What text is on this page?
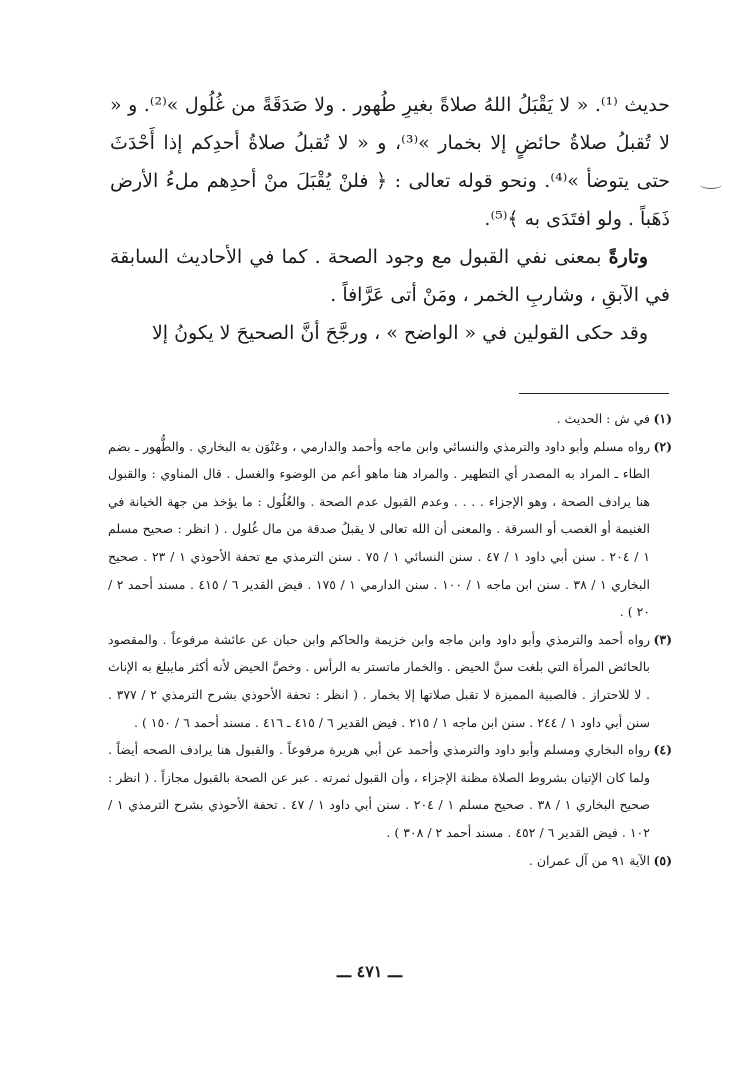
حديث ⁽¹⁾. « لا يَقْبَلُ اللهُ صلاةً بغيرِ طُهور . ولا صَدَقَةً من غُلُول »⁽²⁾. و « لا تُقبلُ صلاةُ حائضٍ إلا بخمار »⁽³⁾، و « لا تُقبلُ صلاةُ أحدِكم إذا أَحْدَثَ حتى يتوضأ »⁽⁴⁾. ونحو قوله تعالى : ﴿ فلنْ يُقْبَلَ منْ أحدِهم ملءُ الأرض ذَهَباً . ولو افتَدَى به ﴾⁽⁵⁾.

وتارةً بمعنى نفي القبول مع وجود الصحة . كما في الأحاديث السابقة في الآبقِ ، وشاربِ الخمر ، ومَنْ أتى عَرَّافاً .

وقد حكى القولين في « الواضح » ، ورجَّحَ أنَّ الصحيحَ لا يكونُ إلا

(١)
في ش : الحديث .
(٢)
رواه مسلم وأبو داود والترمذي والنسائي وابن ماجه وأحمد والدارمي ، وعَنْوَن به البخاري . والطُّهور ـ بضم الطاء ـ المراد به المصدر أي التطهير . والمراد هنا ماهو أعم من الوضوء والغسل . قال المناوي : والقبول هنا يرادف الصحة ، وهو الإجزاء . . . . وعدم القبول عدم الصحة . والغُلُول : ما يؤخذ من جهة الخيانة في الغنيمة أو الغصب أو السرقة . والمعنى أن الله تعالى لا يقبلُ صدقة من مال غُلول . ( انظر : صحيح مسلم ١ / ٢٠٤ . سنن أبي داود ١ / ٤٧ . سنن النسائي ١ / ٧٥ . سنن الترمذي مع تحفة الأحوذي ١ / ٢٣ . صحيح البخاري ١ / ٣٨ . سنن ابن ماجه ١ / ١٠٠ . سنن الدارمي ١ / ١٧٥ . فيض القدير ٦ / ٤١٥ . مسند أحمد ٢ / ٢٠ ) .
(٣)
رواه أحمد والترمذي وأبو داود وابن ماجه وابن خزيمة والحاكم وابن حبان عن عائشة مرفوعاً . والمقصود بالحائض المرأة التي بلغت سنَّ الحيض . والخمار ماتستر به الرأس . وخصَّ الحيض لأنه أكثر مايبلغ به الإناث . لا للاحتراز . فالصبية المميزة لا تقبل صلاتها إلا بخمار . ( انظر : تحفة الأحوذي بشرح الترمذي ٢ / ٣٧٧ . سنن أبي داود ١ / ٢٤٤ . سنن ابن ماجه ١ / ٢١٥ . فيض القدير ٦ / ٤١٥ ـ ٤١٦ . مسند أحمد ٦ / ١٥٠ ) .
(٤)
رواه البخاري ومسلم وأبو داود والترمذي وأحمد عن أبي هريرة مرفوعاً . والقبول هنا يرادف الصحه أيضاً . ولما كان الإتيان بشروط الصلاة مظنة الإجزاء ، وأن القبول ثمرته . عبر عن الصحة بالقبول مجازاً . ( انظر : صحيح البخاري ١ / ٣٨ . صحيح مسلم ١ / ٢٠٤ . سنن أبي داود ١ / ٤٧ . تحفة الأحوذي بشرح الترمذي ١ / ١٠٢ . فيض القدير ٦ / ٤٥٢ . مسند أحمد ٢ / ٣٠٨ ) .
(٥)
الآية ٩١ من آل عمران .
ـــ ٤٧١ ـــ
